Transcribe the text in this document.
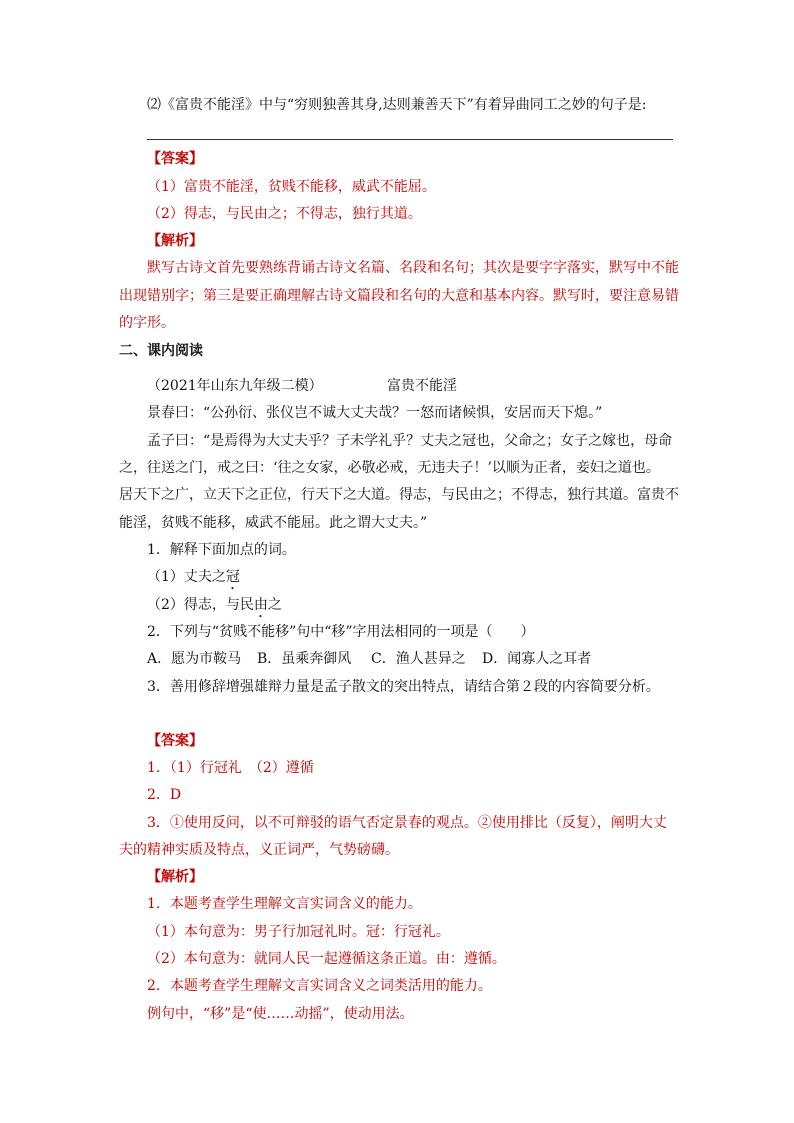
⑵《富贵不能淫》中与“穷则独善其身,达则兼善天下”有着异曲同工之妙的句子是:
【答案】
（1）富贵不能淫，贫贱不能移，威武不能屈。
（2）得志，与民由之；不得志，独行其道。
【解析】
默写古诗文首先要熟练背诵古诗文名篇、名段和名句；其次是要字字落实，默写中不能
出现错别字；第三是要正确理解古诗文篇段和名句的大意和基本内容。默写时，要注意易错
的字形。
二、课内阅读
（2021年山东九年级二模）	富贵不能淫
景春曰：“公孙衍、张仪岂不诚大丈夫哉？一怒而诸候惧，安居而天下熄。”
孟子曰：“是焉得为大丈夫乎？子未学礼乎？丈夫之冠也，父命之；女子之嫁也，母命
之，往送之门，戒之曰：‘往之女家，必敬必戒，无违夫子！’以顺为正者，妾妇之道也。
居天下之广，立天下之正位，行天下之大道。得志，与民由之；不得志，独行其道。富贵不
能淫，贫贱不能移，威武不能屈。此之谓大丈夫。”
1．解释下面加点的词。
（1）丈夫之冠
（2）得志，与民由之
2．下列与“贫贱不能移”句中“移”字用法相同的一项是（　　）
A．愿为市鞍马 B．虽乘奔御风 C．渔人甚异之 D．闻寡人之耳者
3．善用修辞增强雄辩力量是孟子散文的突出特点，请结合第２段的内容简要分析。
【答案】
1．（1）行冠礼　（2）遵循
2．D
3．①使用反问，以不可辩驳的语气否定景春的观点。②使用排比（反复），阐明大丈
夫的精神实质及特点，义正词严，气势磅礴。
【解析】
1．本题考查学生理解文言实词含义的能力。
（1）本句意为：男子行加冠礼时。冠：行冠礼。
（2）本句意为：就同人民一起遵循这条正道。由：遵循。
2．本题考查学生理解文言实词含义之词类活用的能力。
例句中，“移”是“使……动摇”，使动用法。
